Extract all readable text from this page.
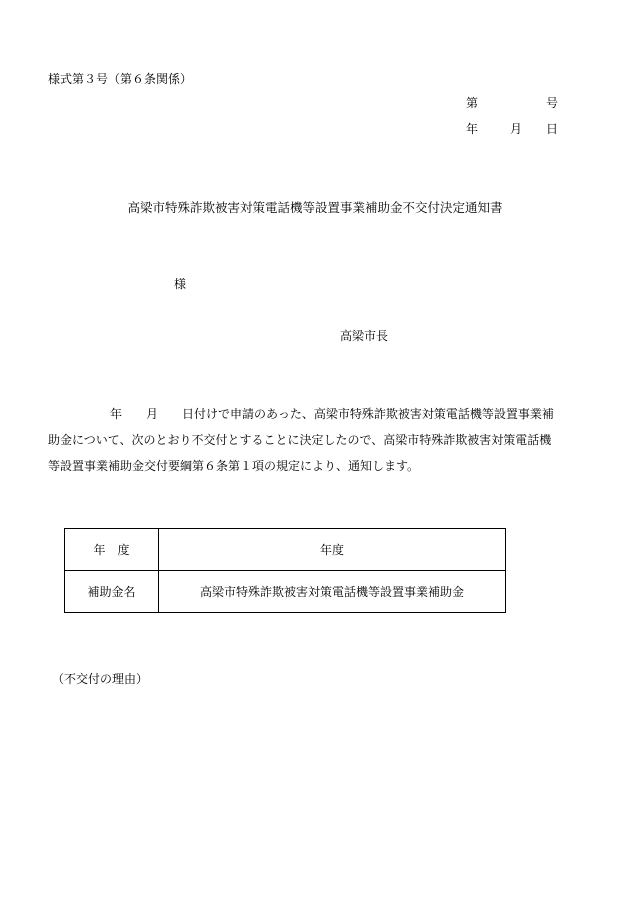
様式第３号（第６条関係）
第	号
年	月 日
高梁市特殊詐欺被害対策電話機等設置事業補助金不交付決定通知書
様
高梁市長
年 月 日付けで申請のあった、高梁市特殊詐欺被害対策電話機等設置事業補
助金について、次のとおり不交付とすることに決定したので、高梁市特殊詐欺被害対策電話機
等設置事業補助金交付要綱第６条第１項の規定により、通知します。
年　度	年度
補助金名	高梁市特殊詐欺被害対策電話機等設置事業補助金
（不交付の理由）
